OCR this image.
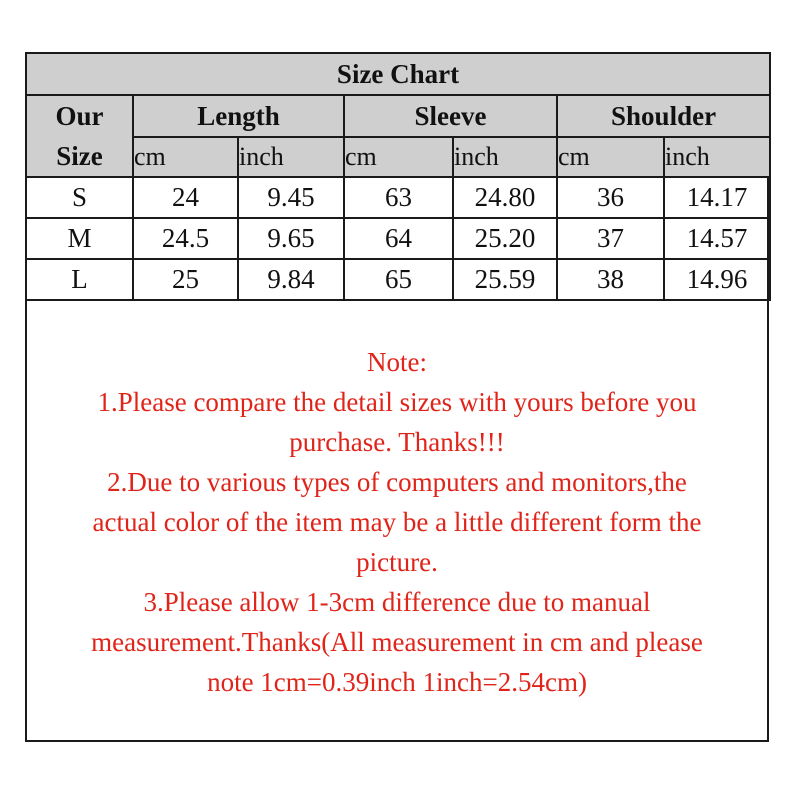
Size Chart						

Our
Size	Length		Sleeve		Shoulder	
	cm	inch	cm	inch	cm	inch
S	24	9.45	63	24.80	36	14.17
M	24.5	9.65	64	25.20	37	14.57
L	25	9.84	65	25.59	38	14.96
Note:
1.Please compare the detail sizes with yours before you
purchase. Thanks!!!
2.Due to various types of computers and monitors,the
actual color of the item may be a little different form the
picture.
3.Please allow 1-3cm difference due to manual
measurement.Thanks(All measurement in cm and please
note 1cm=0.39inch 1inch=2.54cm)
